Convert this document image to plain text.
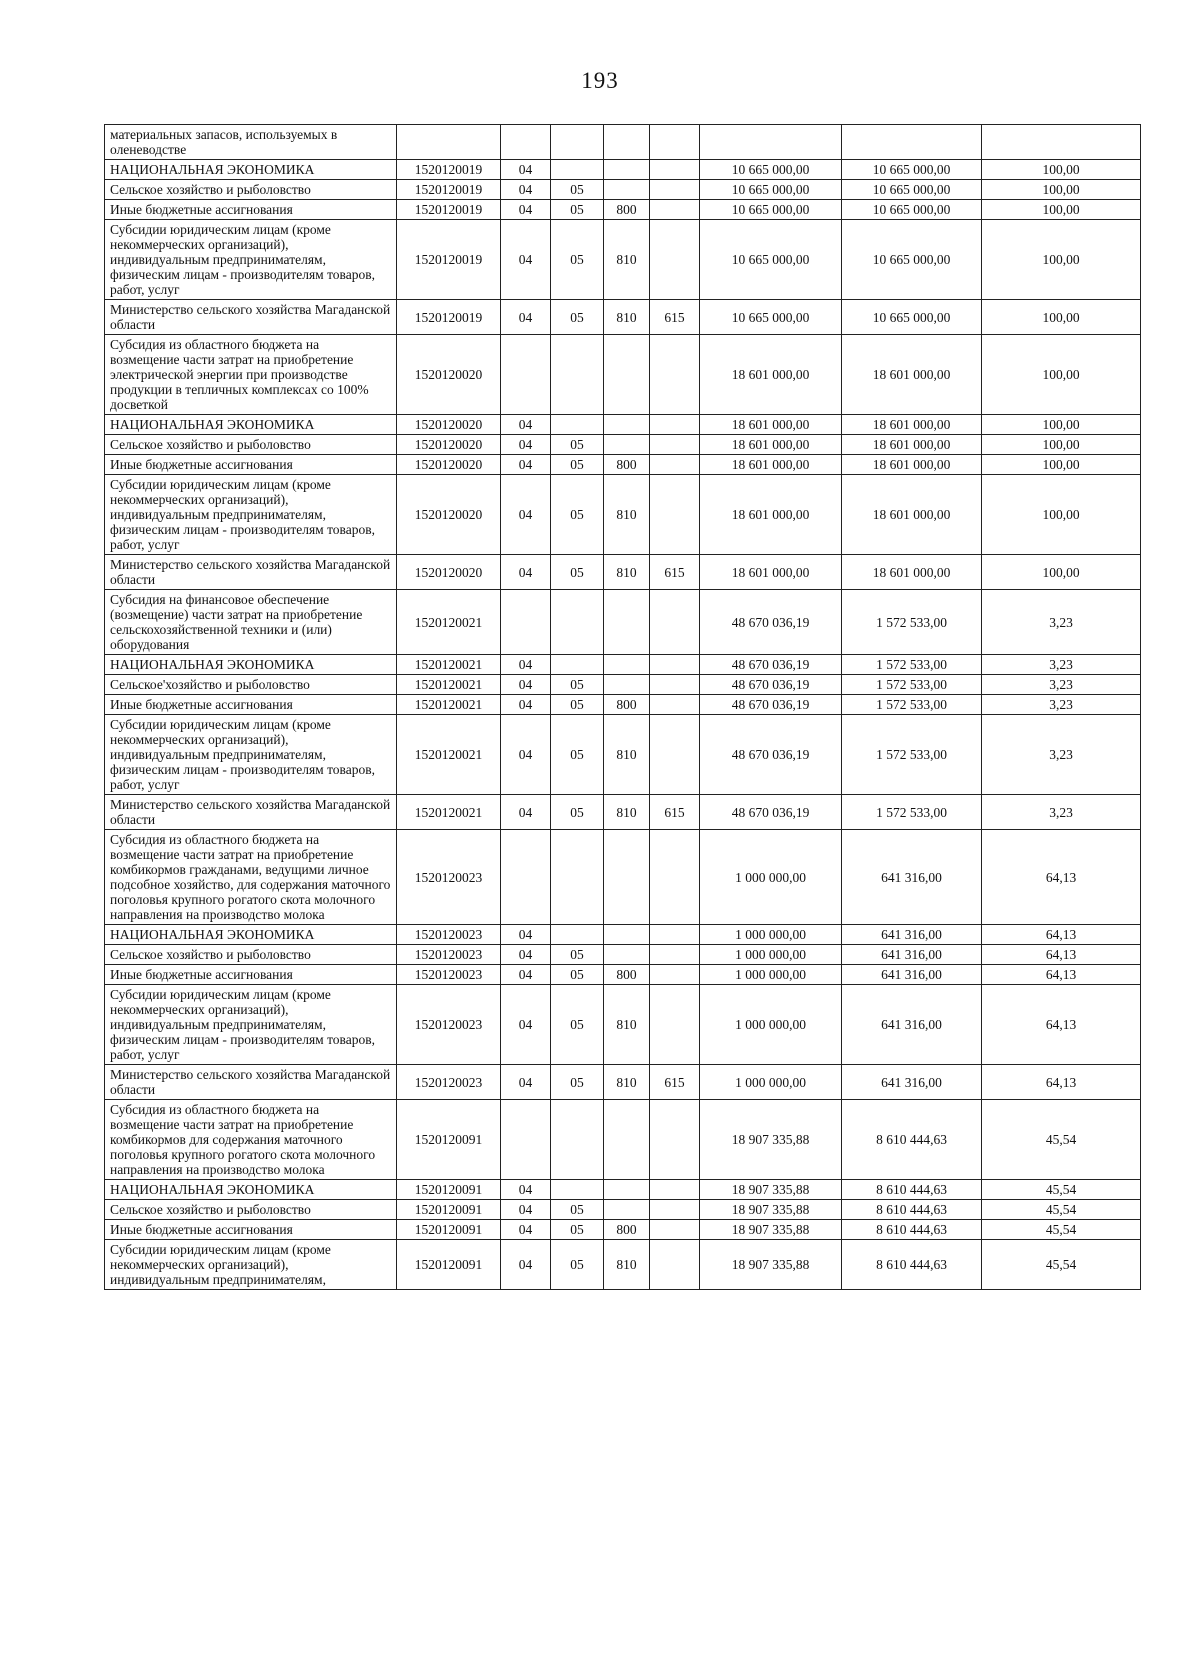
193
материальных запасов, используемых в оленеводстве								
НАЦИОНАЛЬНАЯ ЭКОНОМИКА	1520120019	04				10 665 000,00	10 665 000,00	100,00
Сельское хозяйство и рыболовство	1520120019	04	05			10 665 000,00	10 665 000,00	100,00
Иные бюджетные ассигнования	1520120019	04	05	800		10 665 000,00	10 665 000,00	100,00
Субсидии юридическим лицам (кроме некоммерческих организаций), индивидуальным предпринимателям, физическим лицам - производителям товаров, работ, услуг	1520120019	04	05	810		10 665 000,00	10 665 000,00	100,00
Министерство сельского хозяйства Магаданской области	1520120019	04	05	810	615	10 665 000,00	10 665 000,00	100,00
Субсидия из областного бюджета на возмещение части затрат на приобретение электрической энергии при производстве продукции в тепличных комплексах со 100% досветкой	1520120020					18 601 000,00	18 601 000,00	100,00
НАЦИОНАЛЬНАЯ ЭКОНОМИКА	1520120020	04				18 601 000,00	18 601 000,00	100,00
Сельское хозяйство и рыболовство	1520120020	04	05			18 601 000,00	18 601 000,00	100,00
Иные бюджетные ассигнования	1520120020	04	05	800		18 601 000,00	18 601 000,00	100,00
Субсидии юридическим лицам (кроме некоммерческих организаций), индивидуальным предпринимателям, физическим лицам - производителям товаров, работ, услуг	1520120020	04	05	810		18 601 000,00	18 601 000,00	100,00
Министерство сельского хозяйства Магаданской области	1520120020	04	05	810	615	18 601 000,00	18 601 000,00	100,00
Субсидия на финансовое обеспечение (возмещение) части затрат на приобретение сельскохозяйственной техники и (или) оборудования	1520120021					48 670 036,19	1 572 533,00	3,23
НАЦИОНАЛЬНАЯ ЭКОНОМИКА	1520120021	04				48 670 036,19	1 572 533,00	3,23
Сельское'хозяйство и рыболовство	1520120021	04	05			48 670 036,19	1 572 533,00	3,23
Иные бюджетные ассигнования	1520120021	04	05	800		48 670 036,19	1 572 533,00	3,23
Субсидии юридическим лицам (кроме некоммерческих организаций), индивидуальным предпринимателям, физическим лицам - производителям товаров, работ, услуг	1520120021	04	05	810		48 670 036,19	1 572 533,00	3,23
Министерство сельского хозяйства Магаданской области	1520120021	04	05	810	615	48 670 036,19	1 572 533,00	3,23
Субсидия из областного бюджета на возмещение части затрат на приобретение комбикормов гражданами, ведущими личное подсобное хозяйство, для содержания маточного поголовья крупного рогатого скота молочного направления на производство молока	1520120023					1 000 000,00	641 316,00	64,13
НАЦИОНАЛЬНАЯ ЭКОНОМИКА	1520120023	04				1 000 000,00	641 316,00	64,13
Сельское хозяйство и рыболовство	1520120023	04	05			1 000 000,00	641 316,00	64,13
Иные бюджетные ассигнования	1520120023	04	05	800		1 000 000,00	641 316,00	64,13
Субсидии юридическим лицам (кроме некоммерческих организаций), индивидуальным предпринимателям, физическим лицам - производителям товаров, работ, услуг	1520120023	04	05	810		1 000 000,00	641 316,00	64,13
Министерство сельского хозяйства Магаданской области	1520120023	04	05	810	615	1 000 000,00	641 316,00	64,13
Субсидия из областного бюджета на возмещение части затрат на приобретение комбикормов для содержания маточного поголовья крупного рогатого скота молочного направления на производство молока	1520120091					18 907 335,88	8 610 444,63	45,54
НАЦИОНАЛЬНАЯ ЭКОНОМИКА	1520120091	04				18 907 335,88	8 610 444,63	45,54
Сельское хозяйство и рыболовство	1520120091	04	05			18 907 335,88	8 610 444,63	45,54
Иные бюджетные ассигнования	1520120091	04	05	800		18 907 335,88	8 610 444,63	45,54
Субсидии юридическим лицам (кроме некоммерческих организаций), индивидуальным предпринимателям,	1520120091	04	05	810		18 907 335,88	8 610 444,63	45,54
